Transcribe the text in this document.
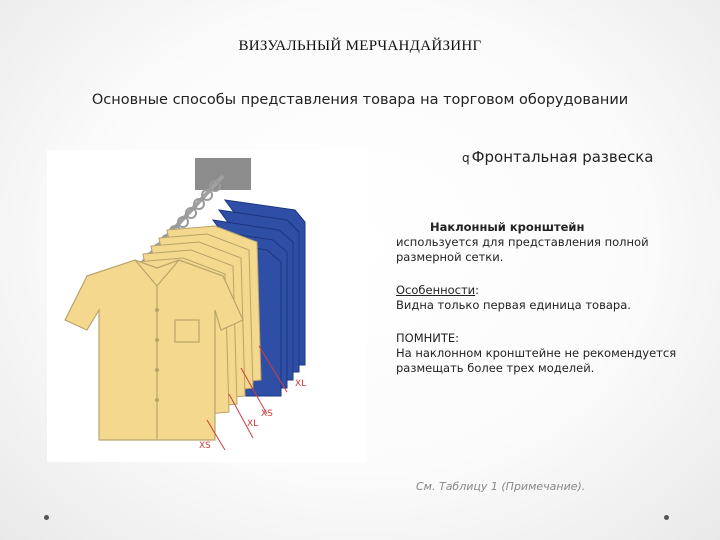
ВИЗУАЛЬНЫЙ МЕРЧАНДАЙЗИНГ
Основные способы представления товара на торговом оборудовании
q Фронтальная развеска
XL
XS
XL
XS
Наклонный кронштейн
используется для представления полной размерной сетки.
Особенности:
Видна только первая единица товара.
ПОМНИТЕ:
На наклонном кронштейне не рекомендуется размещать более трех моделей.
См. Таблицу 1 (Примечание).
